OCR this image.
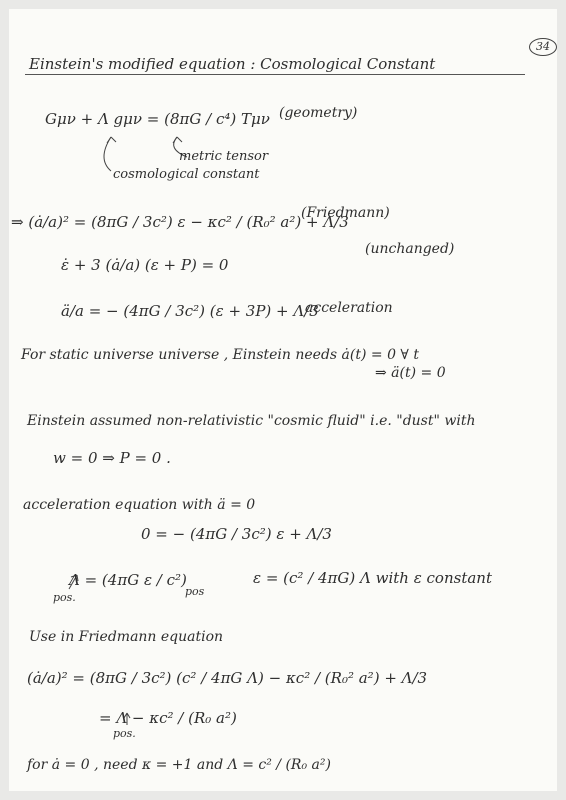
34
Einstein's modified equation : Cosmological Constant
Gμν + Λ gμν = (8πG / c⁴) Tμν (geometry)
metric tensor
cosmological constant
⇒ (ȧ/a)² = (8πG / 3c²) ε − κc² / (R₀² a²) + Λ/3
(Friedmann)
ε̇ + 3 (ȧ/a) (ε + P) = 0
(unchanged)
ä/a = − (4πG / 3c²) (ε + 3P) + Λ/3
acceleration
For static universe universe , Einstein needs ȧ(t) = 0 ∀ t
⇒ ä(t) = 0
Einstein assumed non-relativistic "cosmic fluid" i.e. "dust" with
w = 0 ⇒ P = 0 .
acceleration equation with ä = 0
0 = − (4πG / 3c²) ε + Λ/3
Λ = (4πG ε / c²)
pos
pos.
ε = (c² / 4πG) Λ with ε constant
Use in Friedmann equation
(ȧ/a)² = (8πG / 3c²) (c² / 4πG Λ) − κc² / (R₀² a²) + Λ/3
= Λ − κc² / (R₀ a²)
pos.
for ȧ = 0 , need κ = +1 and Λ = c² / (R₀ a²)
